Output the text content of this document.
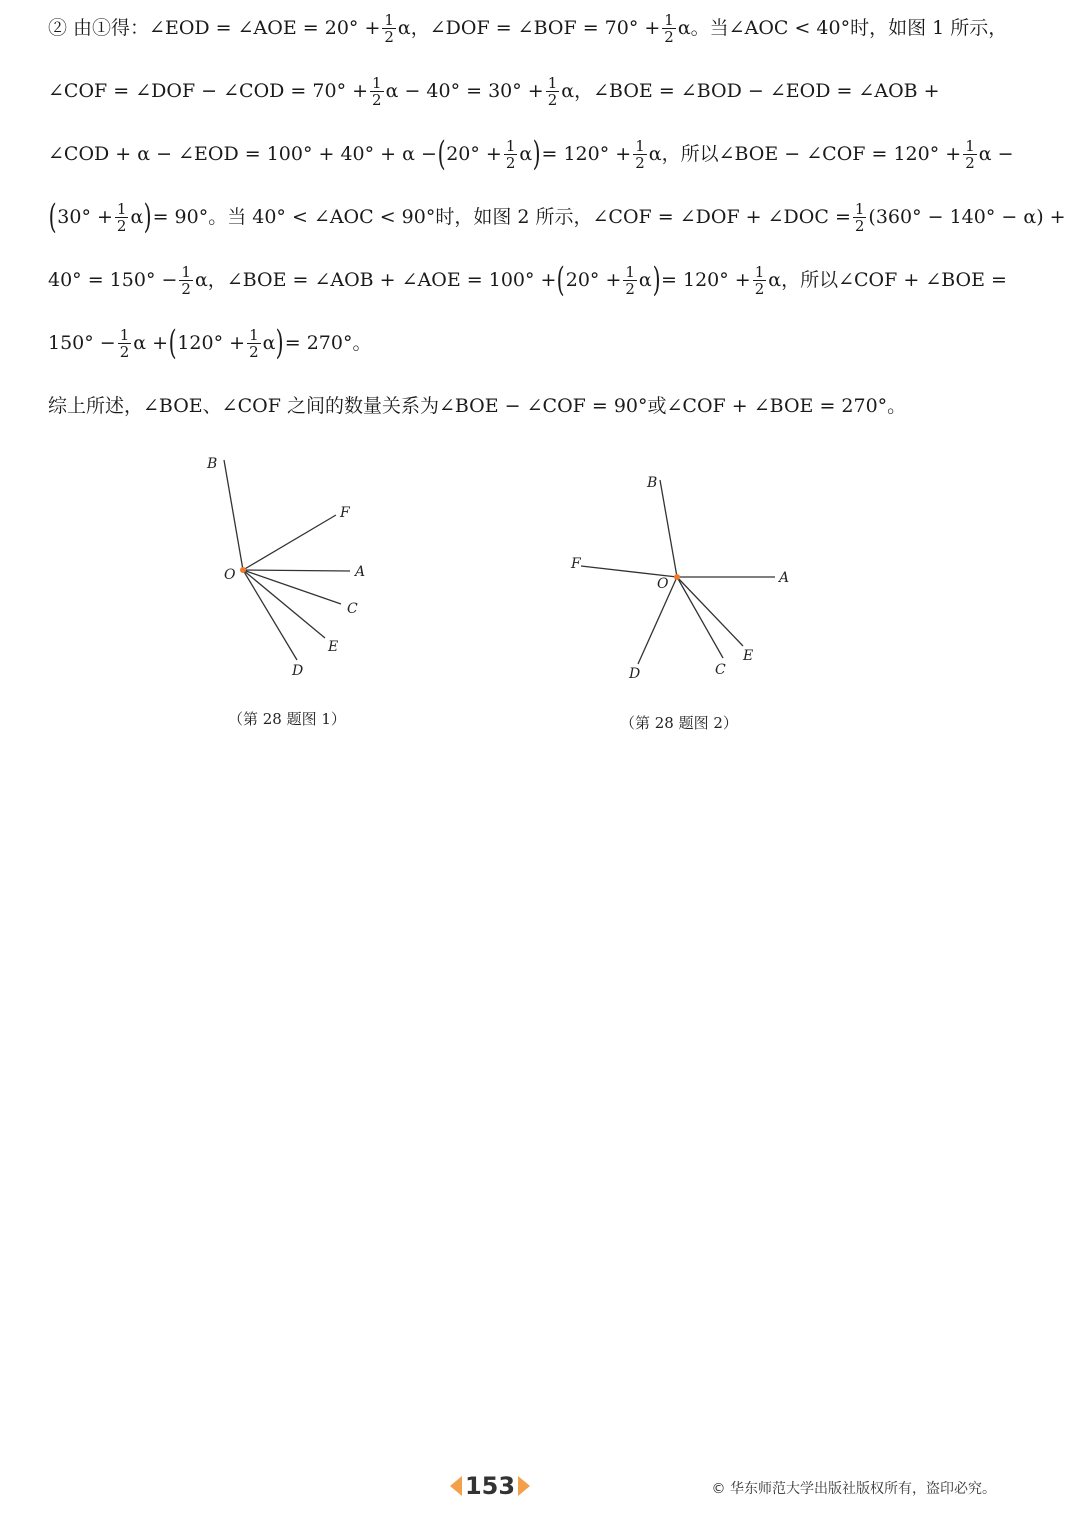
② 由①得：∠EOD = ∠AOE = $20^\circ + \frac{1}{2}$ α，∠DOF = ∠BOF = $70^\circ + \frac{1}{2}$ α。当∠AOC < 40°时，如图 1 所示，
∠COF = ∠DOF − ∠COD = $70^\circ + \frac{1}{2}$ $\alpha - 40^\circ = 30^\circ + \frac{1}{2}$ α，∠BOE = ∠BOD − ∠EOD = ∠AOB +
∠COD + α − ∠EOD = 100° + 40° + α − ( $20^\circ + \frac{1}{2}$ α ) = $120^\circ + \frac{1}{2}$ α，所以∠BOE − ∠COF = $120^\circ + \frac{1}{2}$ α −
( $30^\circ + \frac{1}{2}$ α ) = 90°。当 40° < ∠AOC < 90°时，如图 2 所示，∠COF = ∠DOF + ∠DOC = $\frac{1}{2} (360^\circ - 140^\circ - \alpha)$ +
$40^\circ = 150^\circ - \frac{1}{2}$ α，∠BOE = ∠AOB + ∠AOE = 100° + ( $20^\circ + \frac{1}{2}$ α ) = $120^\circ + \frac{1}{2}$ α，所以∠COF + ∠BOE =
$150^\circ - \frac{1}{2}$ α + ( $120^\circ + \frac{1}{2}$ α ) = 270°。
综上所述，∠BOE、∠COF 之间的数量关系为∠BOE − ∠COF = 90°或∠COF + ∠BOE = 270°。
B
F
O	A
C
E
D
（第 28 题图 1）
B
F
O	A
C
E
D
（第 28 题图 2）
153	© 华东师范大学出版社版权所有，盗印必究。
